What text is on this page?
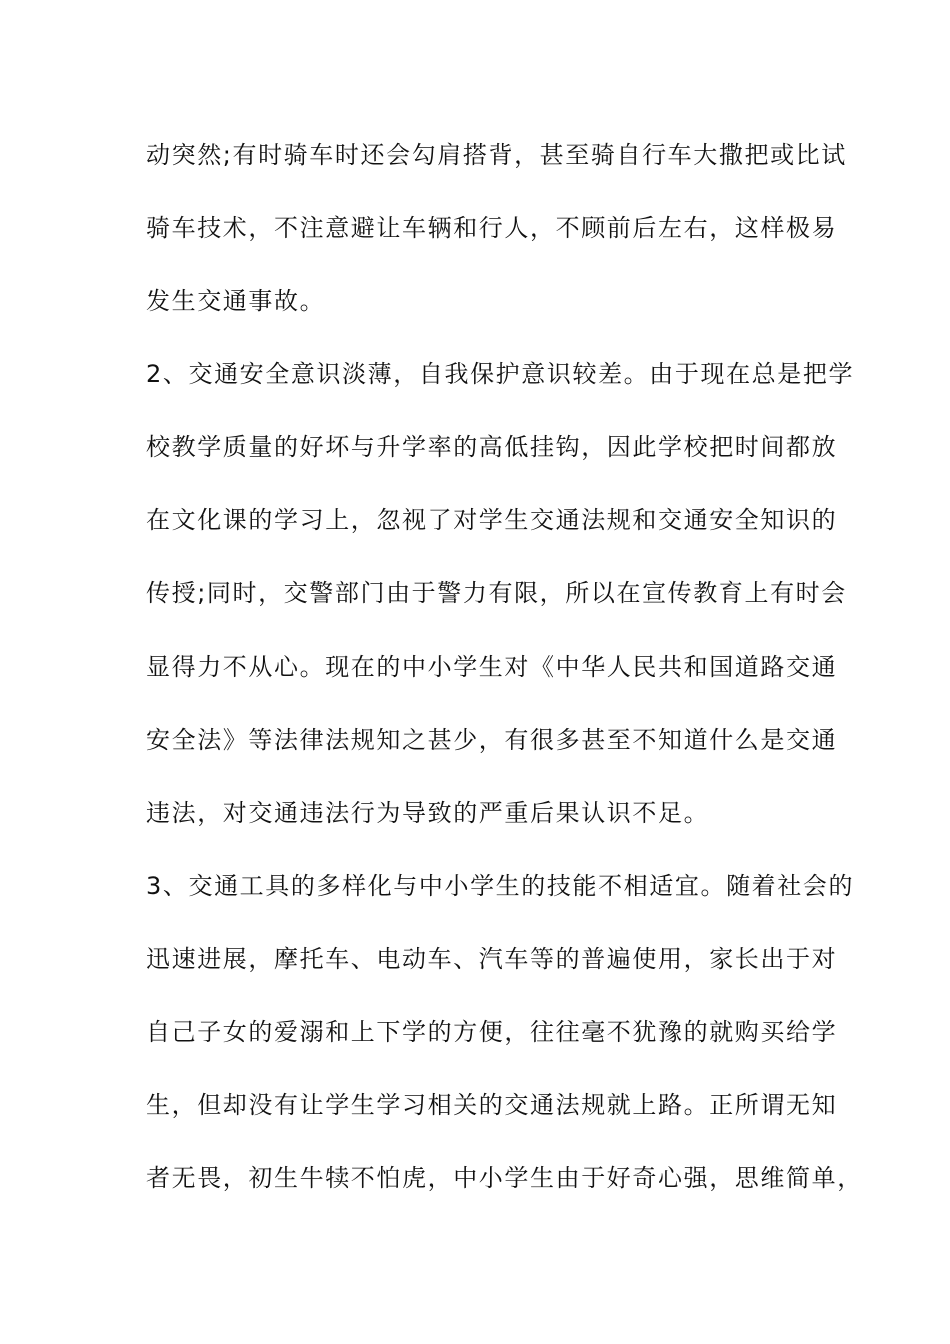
动突然;有时骑车时还会勾肩搭背，甚至骑自行车大撒把或比试
骑车技术，不注意避让车辆和行人，不顾前后左右，这样极易
发生交通事故。
2、交通安全意识淡薄，自我保护意识较差。由于现在总是把学
校教学质量的好坏与升学率的高低挂钩，因此学校把时间都放
在文化课的学习上，忽视了对学生交通法规和交通安全知识的
传授;同时，交警部门由于警力有限，所以在宣传教育上有时会
显得力不从心。现在的中小学生对《中华人民共和国道路交通
安全法》等法律法规知之甚少，有很多甚至不知道什么是交通
违法，对交通违法行为导致的严重后果认识不足。
3、交通工具的多样化与中小学生的技能不相适宜。随着社会的
迅速进展，摩托车、电动车、汽车等的普遍使用，家长出于对
自己子女的爱溺和上下学的方便，往往毫不犹豫的就购买给学
生，但却没有让学生学习相关的交通法规就上路。正所谓无知
者无畏，初生牛犊不怕虎，中小学生由于好奇心强，思维简单，
